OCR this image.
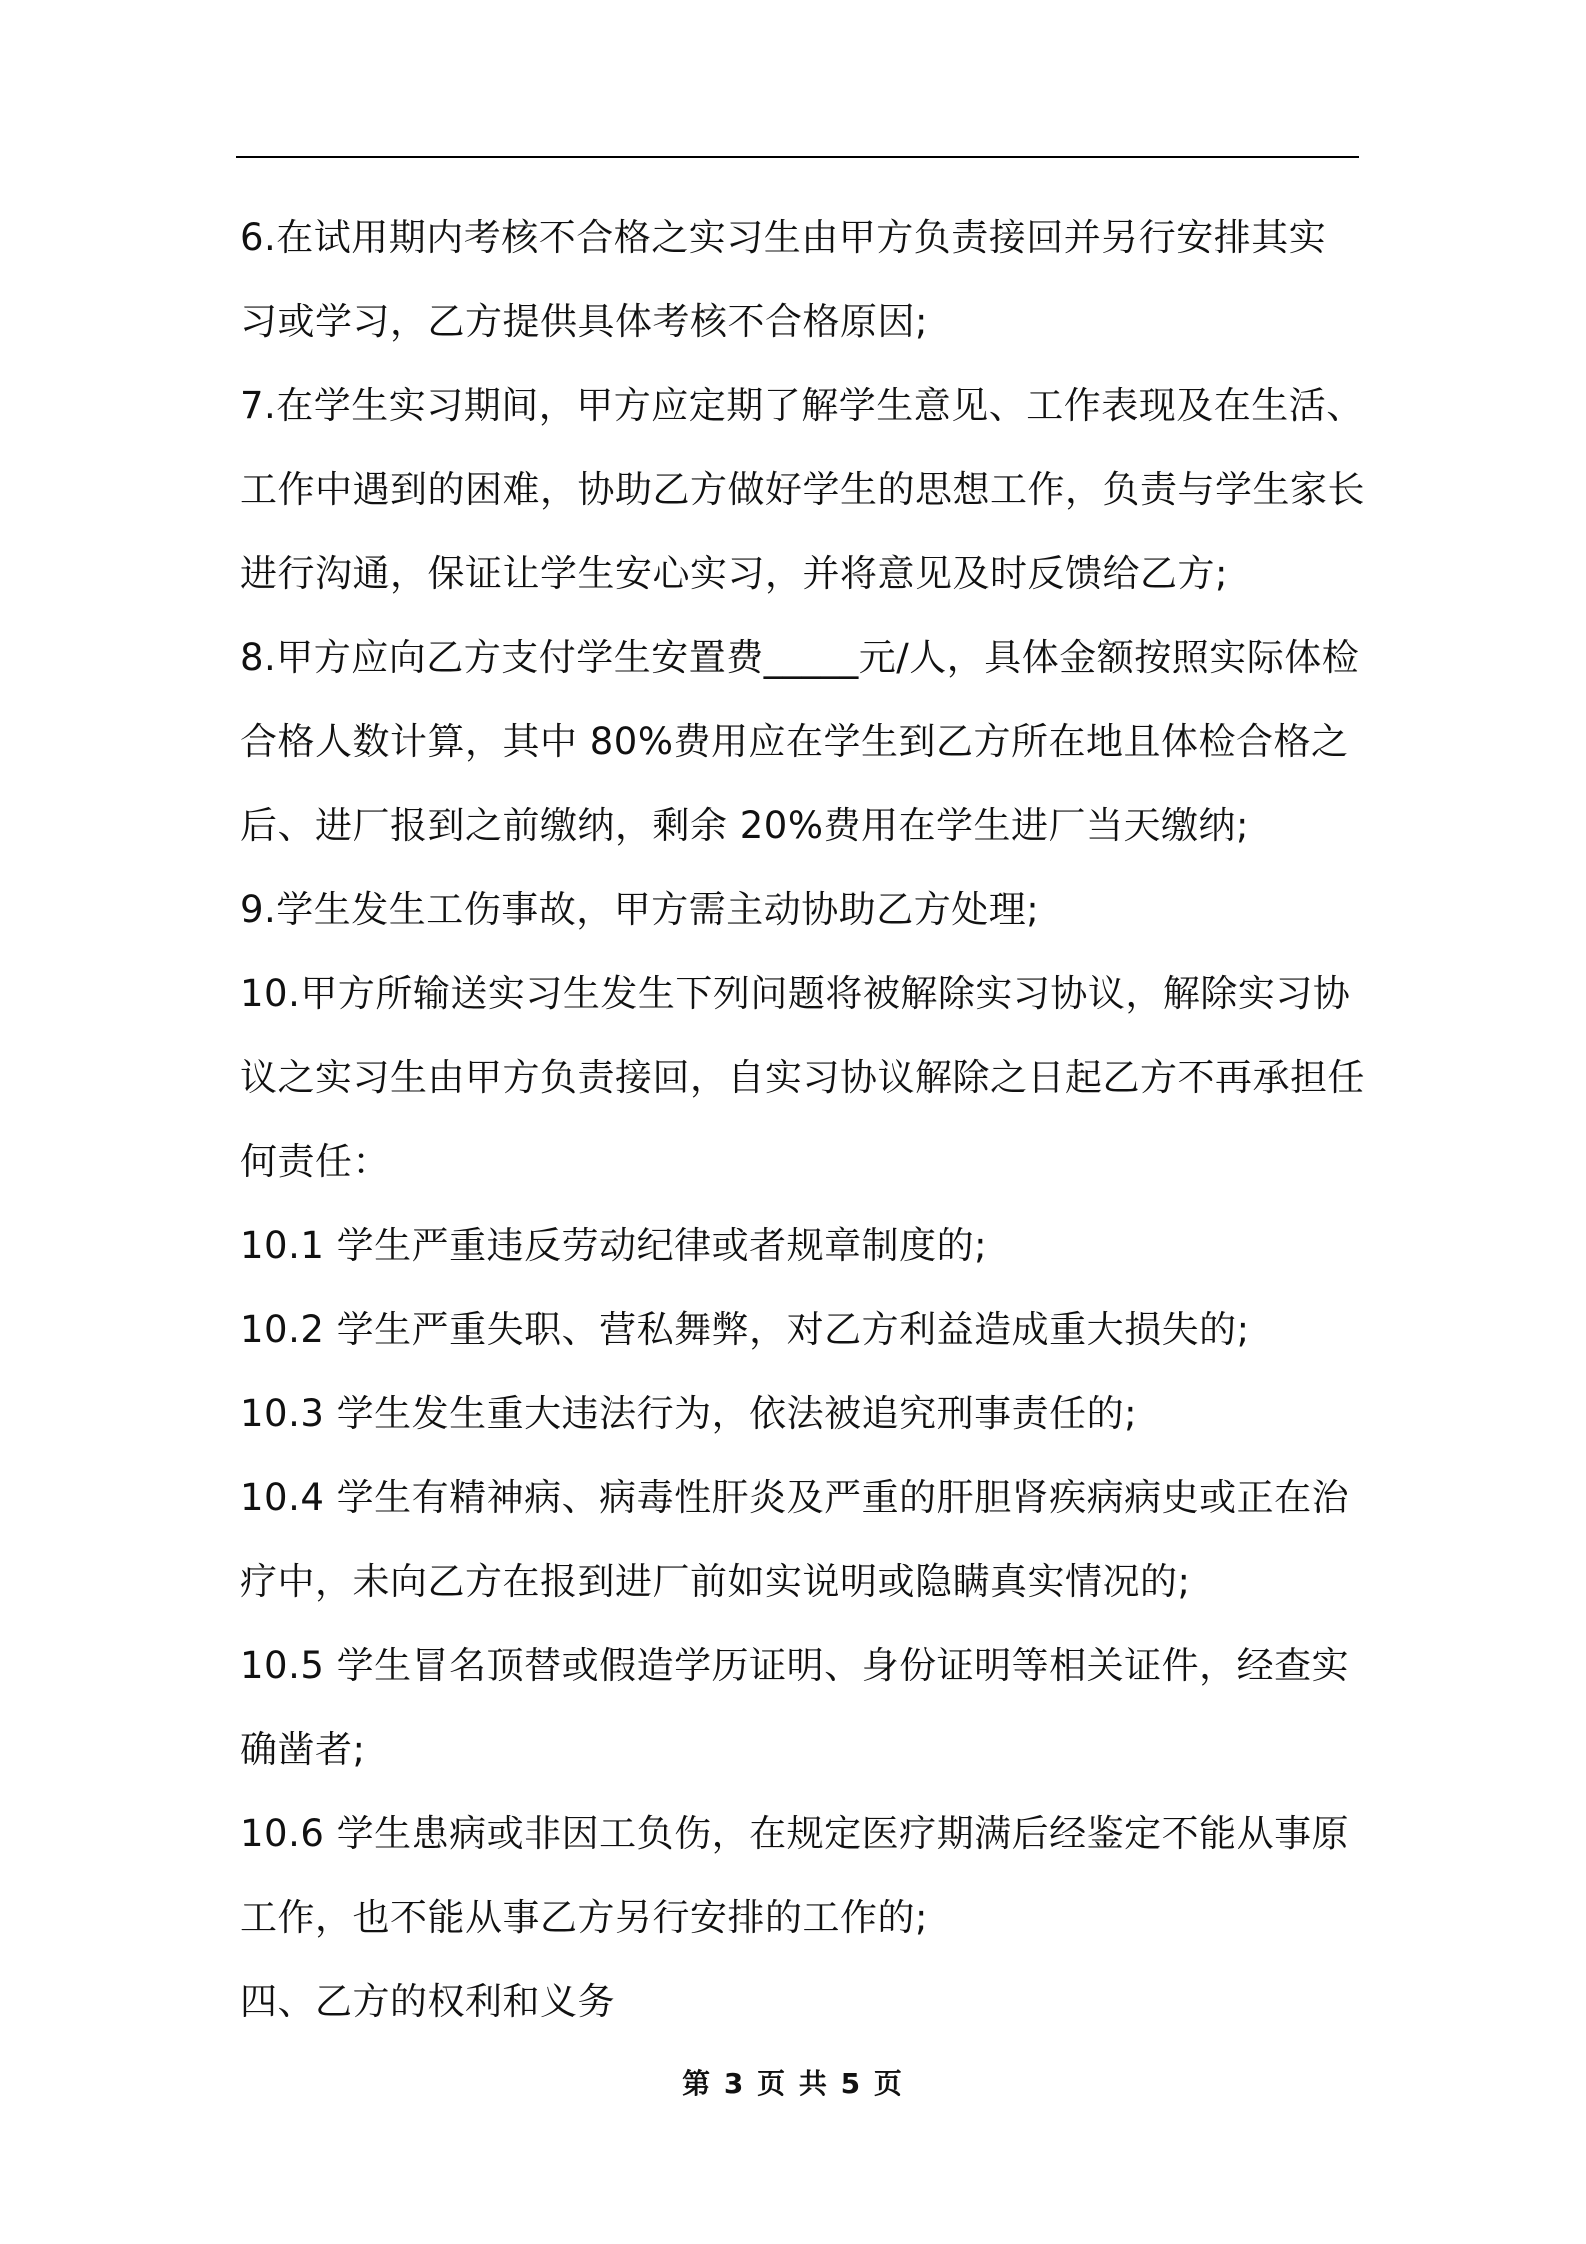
6.在试用期内考核不合格之实习生由甲方负责接回并另行安排其实

习或学习，乙方提供具体考核不合格原因;

7.在学生实习期间，甲方应定期了解学生意见、工作表现及在生活、

工作中遇到的困难，协助乙方做好学生的思想工作，负责与学生家长

进行沟通，保证让学生安心实习，并将意见及时反馈给乙方;

8.甲方应向乙方支付学生安置费_____元/人，具体金额按照实际体检

合格人数计算，其中 80%费用应在学生到乙方所在地且体检合格之

后、进厂报到之前缴纳，剩余 20%费用在学生进厂当天缴纳;

9.学生发生工伤事故，甲方需主动协助乙方处理;

10.甲方所输送实习生发生下列问题将被解除实习协议，解除实习协

议之实习生由甲方负责接回，自实习协议解除之日起乙方不再承担任

何责任：

10.1 学生严重违反劳动纪律或者规章制度的;

10.2 学生严重失职、营私舞弊，对乙方利益造成重大损失的;

10.3 学生发生重大违法行为，依法被追究刑事责任的;

10.4 学生有精神病、病毒性肝炎及严重的肝胆肾疾病病史或正在治

疗中，未向乙方在报到进厂前如实说明或隐瞒真实情况的;

10.5 学生冒名顶替或假造学历证明、身份证明等相关证件，经查实

确凿者;

10.6 学生患病或非因工负伤，在规定医疗期满后经鉴定不能从事原

工作，也不能从事乙方另行安排的工作的;

四、乙方的权利和义务

第 3 页 共 5 页
